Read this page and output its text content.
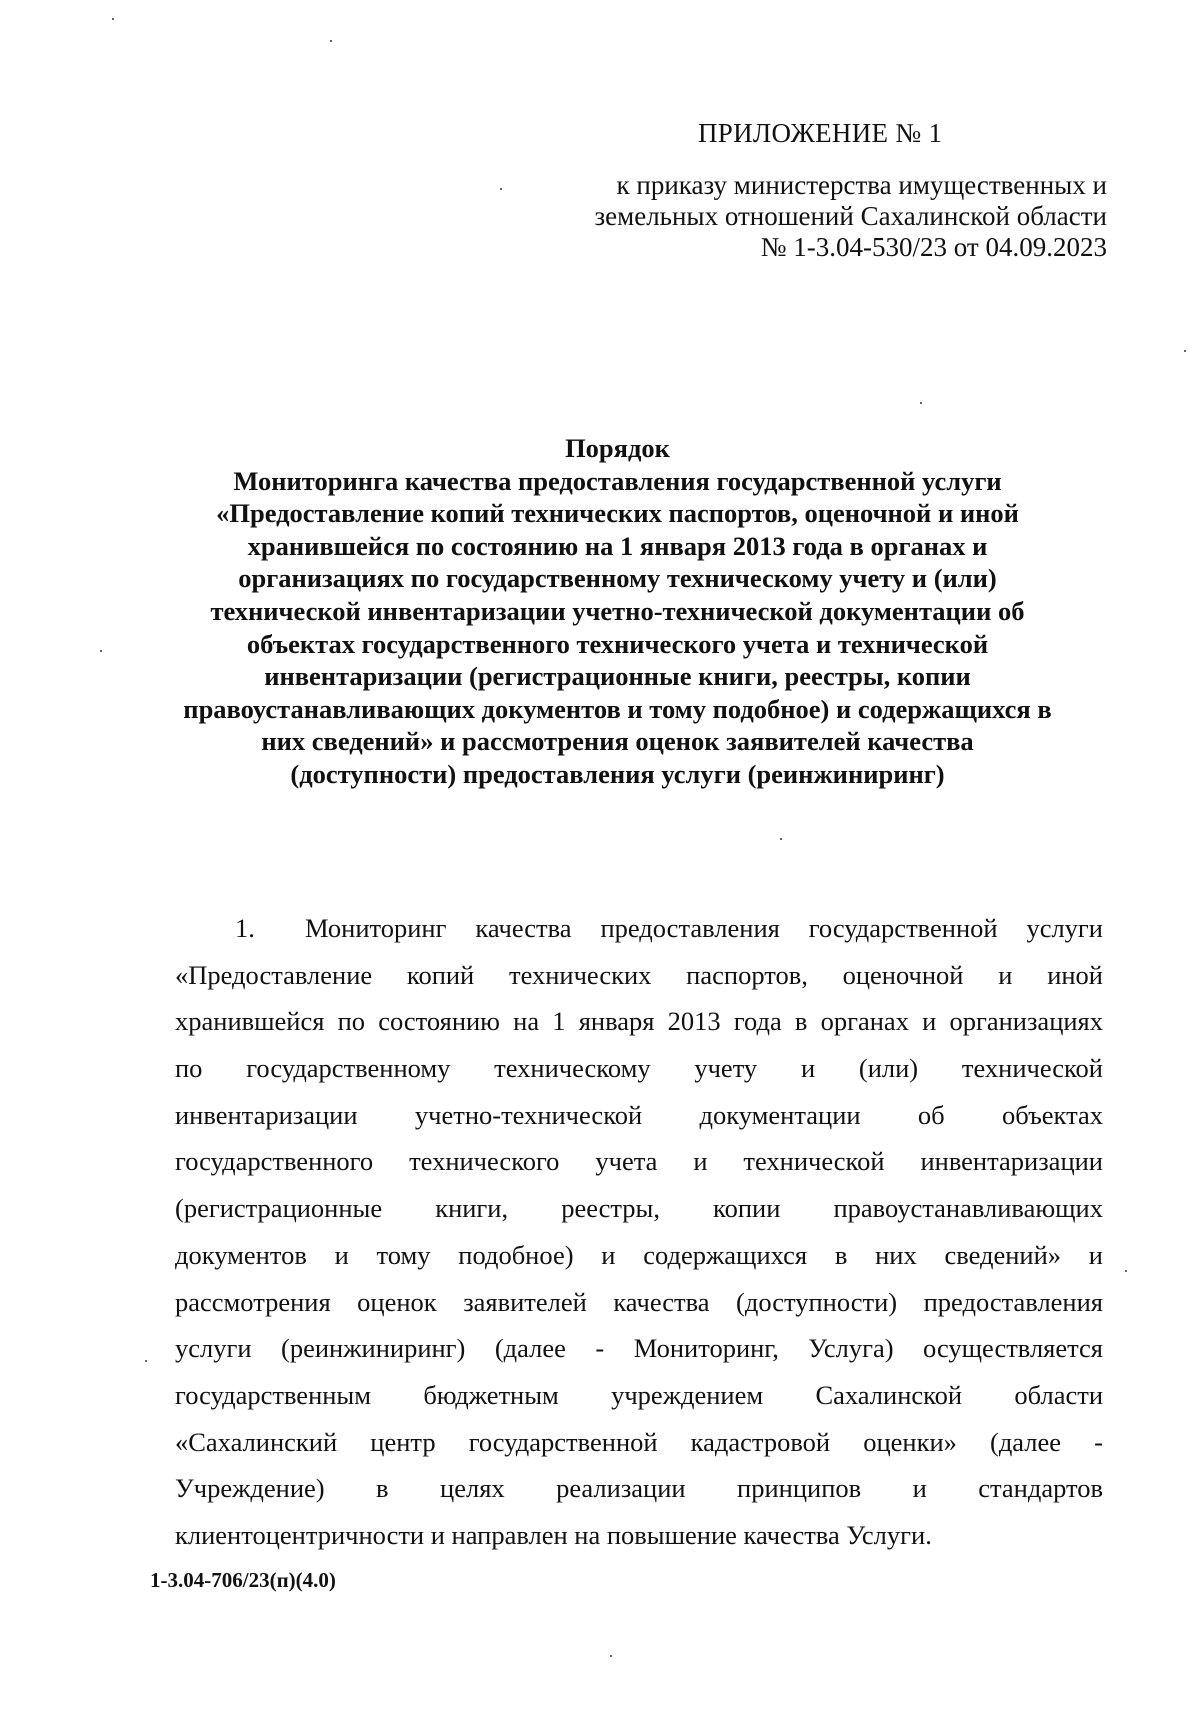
ПРИЛОЖЕНИЕ № 1
к приказу министерства имущественных и
земельных отношений Сахалинской области
№ 1-3.04-530/23 от 04.09.2023
Порядок
Мониторинга качества предоставления государственной услуги
«Предоставление копий технических паспортов, оценочной и иной
хранившейся по состоянию на 1 января 2013 года в органах и
организациях по государственному техническому учету и (или)
технической инвентаризации учетно-технической документации об
объектах государственного технического учета и технической
инвентаризации (регистрационные книги, реестры, копии
правоустанавливающих документов и тому подобное) и содержащихся в
них сведений» и рассмотрения оценок заявителей качества
(доступности) предоставления услуги (реинжиниринг)
1. Мониторинг качества предоставления государственной услуги
«Предоставление копий технических паспортов, оценочной и иной
хранившейся по состоянию на 1 января 2013 года в органах и организациях
по государственному техническому учету и (или) технической
инвентаризации учетно-технической документации об объектах
государственного технического учета и технической инвентаризации
(регистрационные книги, реестры, копии правоустанавливающих
документов и тому подобное) и содержащихся в них сведений» и
рассмотрения оценок заявителей качества (доступности) предоставления
услуги (реинжиниринг) (далее - Мониторинг, Услуга) осуществляется
государственным бюджетным учреждением Сахалинской области
«Сахалинский центр государственной кадастровой оценки» (далее -
Учреждение) в целях реализации принципов и стандартов
клиентоцентричности и направлен на повышение качества Услуги.
1-3.04-706/23(п)(4.0)
